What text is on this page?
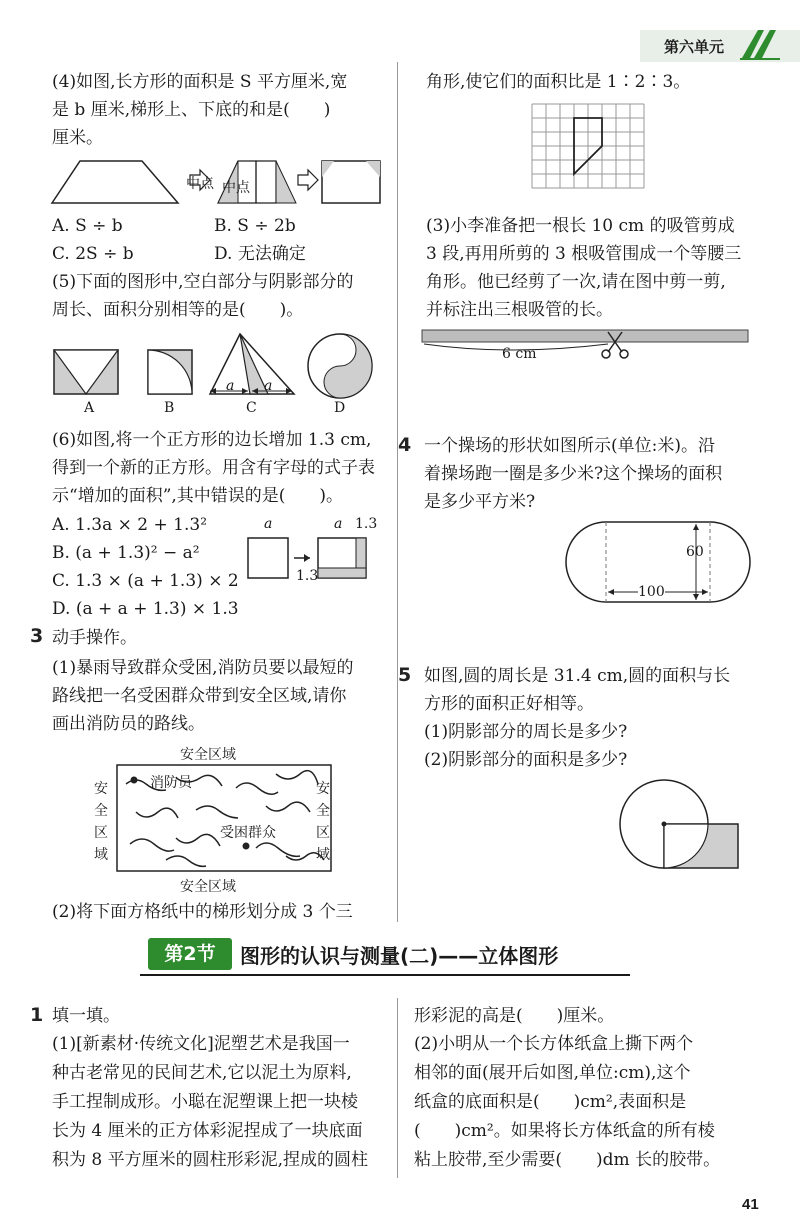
第六单元
(4)如图,长方形的面积是 S 平方厘米,宽
是 b 厘米,梯形上、下底的和是(　　)
厘米。
中点 中点
A. S ÷ b	B. S ÷ 2b
C. 2S ÷ b	D. 无法确定
(5)下面的图形中,空白部分与阴影部分的
周长、面积分别相等的是(　　)。
a a
A	B	C	D
(6)如图,将一个正方形的边长增加 1.3 cm,
得到一个新的正方形。用含有字母的式子表
示“增加的面积”,其中错误的是(　　)。
A. 1.3a × 2 + 1.3²
B. (a + 1.3)² − a²
C. 1.3 × (a + 1.3) × 2
D. (a + a + 1.3) × 1.3
a	a 1.3
1.3
3 动手操作。
(1)暴雨导致群众受困,消防员要以最短的
路线把一名受困群众带到安全区域,请你
画出消防员的路线。
安全区域
消防员
受困群众
安全区域
安全区域
安全区域
(2)将下面方格纸中的梯形划分成 3 个三
角形,使它们的面积比是 1∶2∶3。
(3)小李准备把一根长 10 cm 的吸管剪成
3 段,再用所剪的 3 根吸管围成一个等腰三
角形。他已经剪了一次,请在图中剪一剪,
并标注出三根吸管的长。
6 cm
4 一个操场的形状如图所示(单位:米)。沿
着操场跑一圈是多少米?这个操场的面积
是多少平方米?
60
100
5 如图,圆的周长是 31.4 cm,圆的面积与长
方形的面积正好相等。
(1)阴影部分的周长是多少?
(2)阴影部分的面积是多少?
第2节	图形的认识与测量(二)——立体图形
1 填一填。
(1)[新素材·传统文化]泥塑艺术是我国一
种古老常见的民间艺术,它以泥土为原料,
手工捏制成形。小聪在泥塑课上把一块棱
长为 4 厘米的正方体彩泥捏成了一块底面
积为 8 平方厘米的圆柱形彩泥,捏成的圆柱
形彩泥的高是(　　)厘米。
(2)小明从一个长方体纸盒上撕下两个
相邻的面(展开后如图,单位:cm),这个
纸盒的底面积是(　　)cm²,表面积是
(　　)cm²。如果将长方体纸盒的所有棱
粘上胶带,至少需要(　　)dm 长的胶带。
41
